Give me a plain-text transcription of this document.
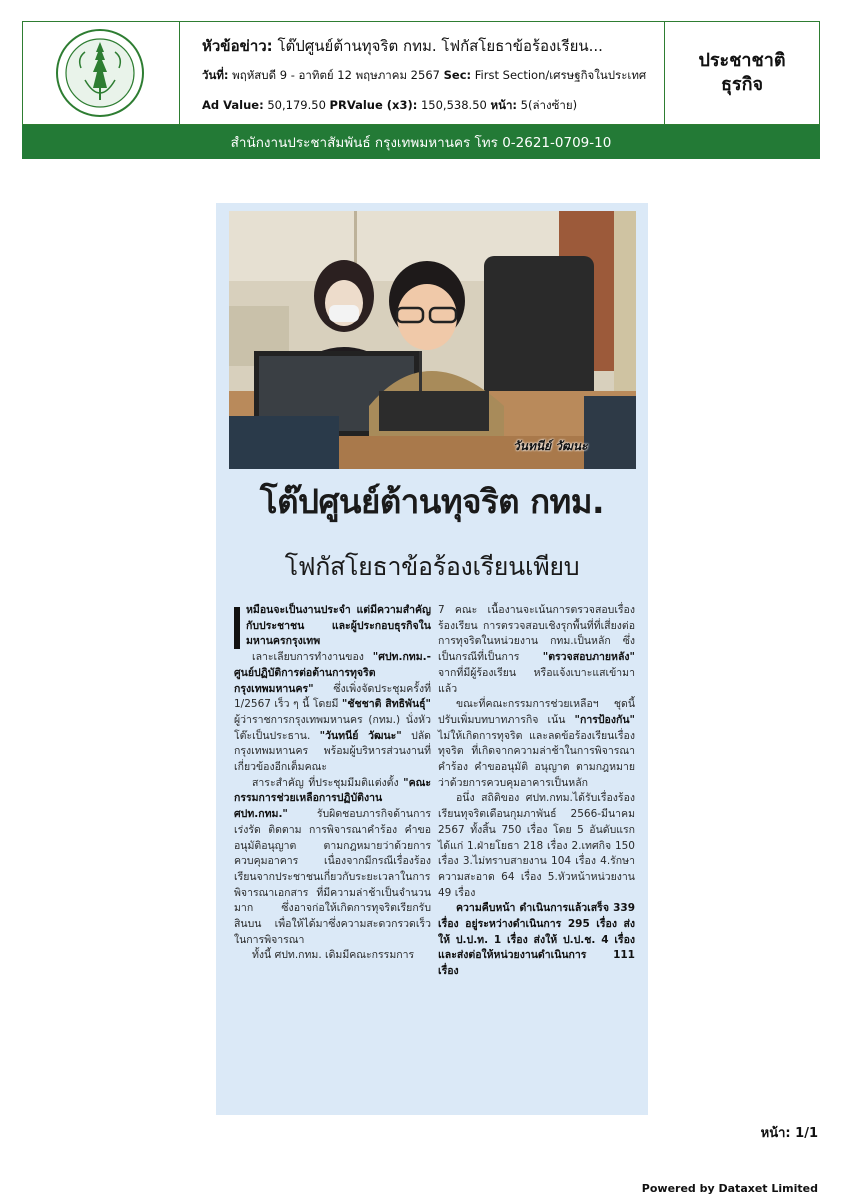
หัวข้อข่าว: โต๊ปศูนย์ต้านทุจริต กทม. โฟกัสโยธาข้อร้องเรียน...
วันที่: พฤหัสบดี 9 - อาทิตย์ 12 พฤษภาคม 2567 Sec: First Section/เศรษฐกิจในประเทศ
Ad Value: 50,179.50 PRValue (x3): 150,538.50 หน้า: 5(ล่างซ้าย)
ประชาชาติ
ธุรกิจ
สำนักงานประชาสัมพันธ์ กรุงเทพมหานคร โทร 0-2621-0709-10
วันทนีย์ วัฒนะ
โต๊ปศูนย์ต้านทุจริต กทม.
โฟกัสโยธาข้อร้องเรียนเพียบ

หมือนจะเป็นงานประจำ แต่มีความสำคัญกับประชาชน และผู้ประกอบธุรกิจในมหานครกรุงเทพ

เลาะเลียบการทำงานของ "ศปท.กทม.-ศูนย์ปฏิบัติการต่อต้านการทุจริตกรุงเทพมหานคร" ซึ่งเพิ่งจัดประชุมครั้งที่ 1/2567 เร็ว ๆ นี้ โดยมี "ชัชชาติ สิทธิพันธุ์" ผู้ว่าราชการกรุงเทพมหานคร (กทม.) นั่งหัวโต๊ะเป็นประธาน. "วันทนีย์ วัฒนะ" ปลัดกรุงเทพมหานคร พร้อมผู้บริหารส่วนงานที่เกี่ยวข้องอีกเต็มคณะ

สาระสำคัญ ที่ประชุมมีมติแต่งตั้ง "คณะกรรมการช่วยเหลือการปฏิบัติงาน ศปท.กทม."	รับผิดชอบภารกิจด้านการเร่งรัด ติดตาม การพิจารณาคำร้อง คำขออนุมัติอนุญาต ตามกฎหมายว่าด้วยการควบคุมอาคาร เนื่องจากมีกรณีเรื่องร้องเรียนจากประชาชนเกี่ยวกับระยะเวลาในการพิจารณาเอกสาร ที่มีความล่าช้าเป็นจำนวนมาก ซึ่งอาจก่อให้เกิดการทุจริตเรียกรับสินบน เพื่อให้ได้มาซึ่งความสะดวกรวดเร็วในการพิจารณา

ทั้งนี้ ศปท.กทม. เดิมมีคณะกรรมการ

7 คณะ เนื้องานจะเน้นการตรวจสอบเรื่องร้องเรียน การตรวจสอบเชิงรุกพื้นที่ที่เสี่ยงต่อการทุจริตในหน่วยงาน กทม.เป็นหลัก ซึ่งเป็นกรณีที่เป็นการ "ตรวจสอบภายหลัง" จากที่มีผู้ร้องเรียน หรือแจ้งเบาะแสเข้ามาแล้ว

ขณะที่คณะกรรมการช่วยเหลือฯ ชุดนี้ ปรับเพิ่มบทบาทภารกิจ เน้น "การป้องกัน" ไม่ให้เกิดการทุจริต และลดข้อร้องเรียนเรื่องทุจริต ที่เกิดจากความล่าช้าในการพิจารณาคำร้อง คำขออนุมัติ อนุญาต ตามกฎหมายว่าด้วยการควบคุมอาคารเป็นหลัก

อนึ่ง สถิติของ ศปท.กทม.ได้รับเรื่องร้องเรียนทุจริตเดือนกุมภาพันธ์ 2566-มีนาคม 2567 ทั้งสิ้น 750 เรื่อง โดย 5 อันดับแรก ได้แก่ 1.ฝ่ายโยธา 218 เรื่อง 2.เทศกิจ 150 เรื่อง 3.ไม่ทราบสายงาน 104 เรื่อง 4.รักษาความสะอาด 64 เรื่อง 5.หัวหน้าหน่วยงาน 49 เรื่อง

ความคืบหน้า ดำเนินการแล้วเสร็จ 339 เรื่อง อยู่ระหว่างดำเนินการ 295 เรื่อง ส่งให้ ป.ป.ท. 1 เรื่อง ส่งให้ ป.ป.ช. 4 เรื่อง และส่งต่อให้หน่วยงานดำเนินการ 111 เรื่อง

หน้า: 1/1
Powered by Dataxet Limited
